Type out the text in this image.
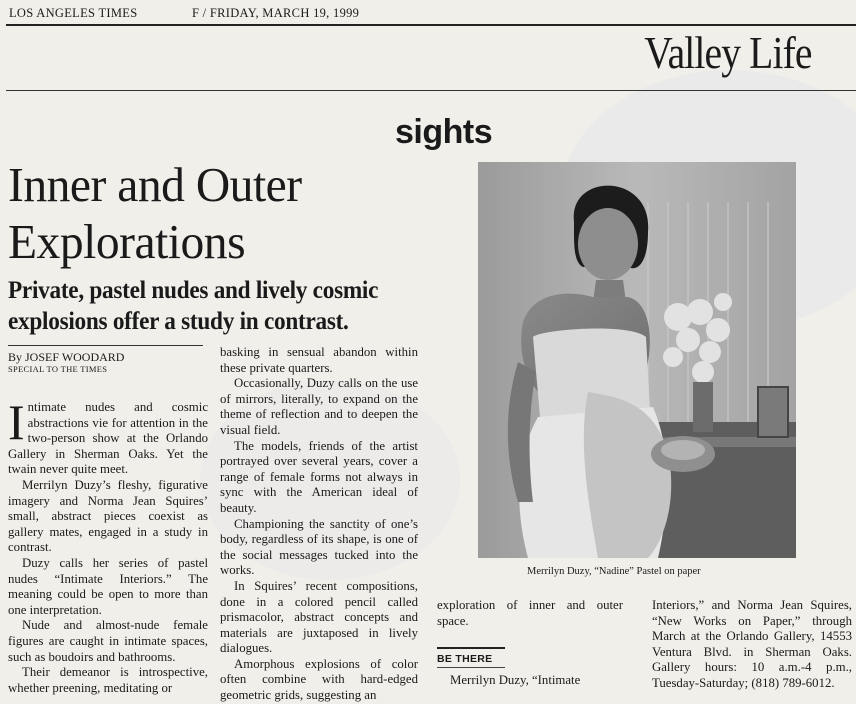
LOS ANGELES TIMES	F / FRIDAY, MARCH 19, 1999
Valley Life
sights
Inner and Outer Explorations
Private, pastel nudes and lively cosmic explosions offer a study in contrast.
By JOSEF WOODARD
SPECIAL TO THE TIMES

Intimate nudes and cosmic abstractions vie for attention in the two-person show at the Orlando Gallery in Sherman Oaks. Yet the twain never quite meet.

Merrilyn Duzy’s fleshy, figurative imagery and Norma Jean Squires’ small, abstract pieces coexist as gallery mates, engaged in a study in contrast.

Duzy calls her series of pastel nudes “Intimate Interiors.” The meaning could be open to more than one interpretation.

Nude and almost-nude female figures are caught in intimate spaces, such as boudoirs and bathrooms.

Their demeanor is introspective, whether preening, meditating or

basking in sensual abandon within these private quarters.

Occasionally, Duzy calls on the use of mirrors, literally, to expand on the theme of reflection and to deepen the visual field.

The models, friends of the artist portrayed over several years, cover a range of female forms not always in sync with the American ideal of beauty.

Championing the sanctity of one’s body, regardless of its shape, is one of the social messages tucked into the works.

In Squires’ recent compositions, done in a colored pencil called prismacolor, abstract concepts and materials are juxtaposed in lively dialogues.

Amorphous explosions of color often combine with hard-edged geometric grids, suggesting an

Merrilyn Duzy, “Nadine” Pastel on paper

exploration of inner and outer space.

BE THERE
Merrilyn Duzy, “Intimate

Interiors,” and Norma Jean Squires, “New Works on Paper,” through March at the Orlando Gallery, 14553 Ventura Blvd. in Sherman Oaks. Gallery hours: 10 a.m.-4 p.m., Tuesday-Saturday; (818) 789-6012.
